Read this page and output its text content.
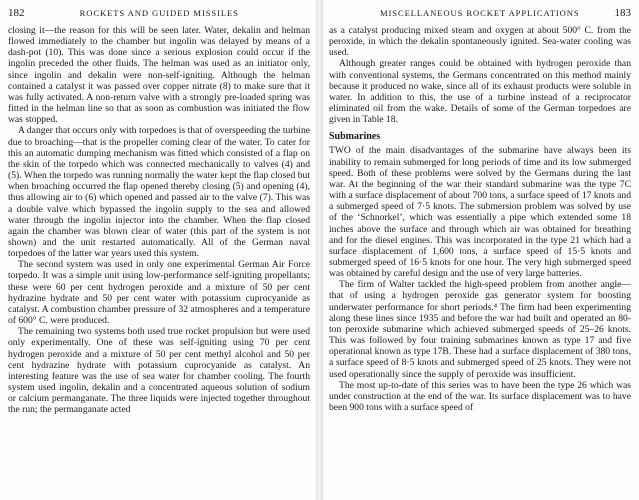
182	ROCKETS AND GUIDED MISSILES

closing it—the reason for this will be seen later. Water, dekalin and helman flowed immediately to the chamber but ingolin was delayed by means of a dash-pot (10). This was done since a serious explosion could occur if the ingolin preceded the other fluids. The helman was used as an initiator only, since ingolin and dekalin were non-self-igniting. Although the helman contained a catalyst it was passed over copper nitrate (8) to make sure that it was fully activated. A non-return valve with a strongly pre-loaded spring was fitted in the helman line so that as soon as combustion was initiated the flow was stopped.

A danger that occurs only with torpedoes is that of overspeeding the turbine due to broaching—that is the propeller coming clear of the water. To cater for this an automatic dumping mechanism was fitted which consisted of a flap on the skin of the torpedo which was connected mechanically to valves (4) and (5). When the torpedo was running normally the water kept the flap closed but when broaching occurred the flap opened thereby closing (5) and opening (4), thus allowing air to (6) which opened and passed air to the valve (7). This was a double valve which bypassed the ingolin supply to the sea and allowed water through the ingolin injector into the chamber. When the flap closed again the chamber was blown clear of water (this part of the system is not shown) and the unit restarted automatically. All of the German naval torpedoes of the latter war years used this system.

The second system was used in only one experimental German Air Force torpedo. It was a simple unit using low-performance self-igniting propellants; these were 60 per cent hydrogen peroxide and a mixture of 50 per cent hydrazine hydrate and 50 per cent water with potassium cuprocyanide as catalyst. A combustion chamber pressure of 32 atmospheres and a temperature of 600° C. were produced.

The remaining two systems both used true rocket propulsion but were used only experimentally. One of these was self-igniting using 70 per cent hydrogen peroxide and a mixture of 50 per cent methyl alcohol and 50 per cent hydrazine hydrate with potassium cuprocyanide as catalyst. An interesting feature was the use of sea water for chamber cooling. The fourth system used ingolin, dekalin and a concentrated aqueous solution of sodium or calcium permanganate. The three liquids were injected together throughout the run; the permanganate acted

MISCELLANEOUS ROCKET APPLICATIONS	183

as a catalyst producing mixed steam and oxygen at about 500° C. from the peroxide, in which the dekalin spontaneously ignited. Sea-water cooling was used.

Although greater ranges could be obtained with hydrogen peroxide than with conventional systems, the Germans concentrated on this method mainly because it produced no wake, since all of its exhaust products were soluble in water. In addition to this, the use of a turbine instead of a reciprocator eliminated oil from the wake. Details of some of the German torpedoes are given in Table 18.

Submarines

TWO of the main disadvantages of the submarine have always been its inability to remain submerged for long periods of time and its low submerged speed. Both of these problems were solved by the Germans during the last war. At the beginning of the war their standard submarine was the type 7C with a surface displacement of about 700 tons, a surface speed of 17 knots and a submerged speed of 7·5 knots. The submersion problem was solved by use of the ‘Schnorkel’, which was essentially a pipe which extended some 18 inches above the surface and through which air was obtained for breathing and for the diesel engines. This was incorporated in the type 21 which had a surface displacement of 1,600 tons, a surface speed of 15·5 knots and submerged speed of 16·5 knots for one hour. The very high submerged speed was obtained by careful design and the use of very large batteries.

The firm of Walter tackled the high-speed problem from another angle—that of using a hydrogen peroxide gas generator system for boosting underwater performance for short periods.⁴ The firm had been experimenting along these lines since 1935 and before the war had built and operated an 80-ton peroxide submarine which achieved submerged speeds of 25–26 knots. This was followed by four training submarines known as type 17 and five operational known as type 17B. These had a surface displacement of 380 tons, a surface speed of 8·5 knots and submerged speed of 25 knots. They were not used operationally since the supply of peroxide was insufficient.

The most up-to-date of this series was to have been the type 26 which was under construction at the end of the war. Its surface displacement was to have been 900 tons with a surface speed of
